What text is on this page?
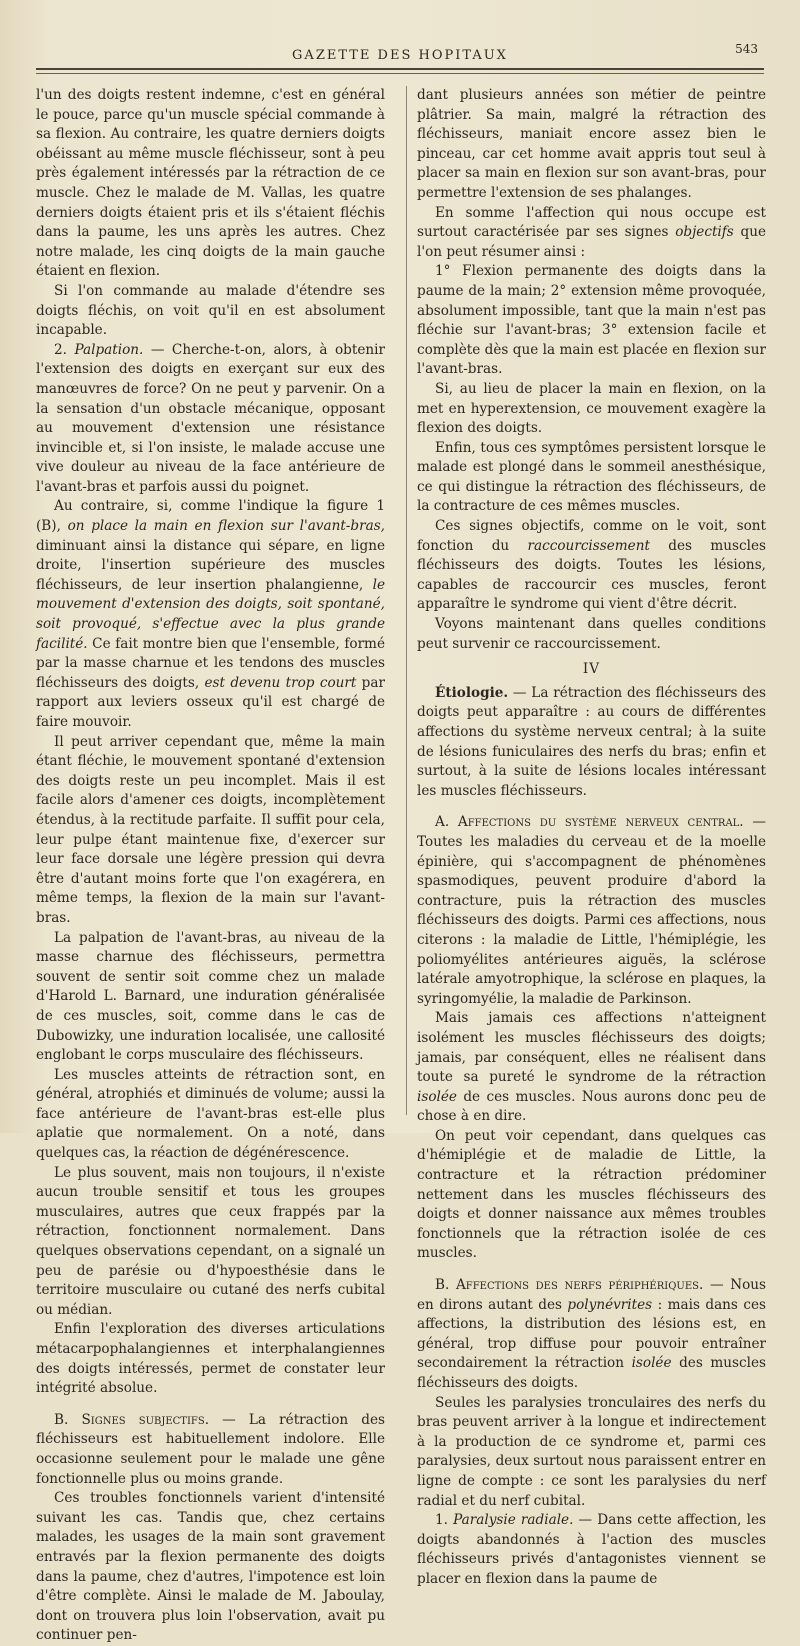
GAZETTE DES HOPITAUX	543

l'un des doigts restent indemne, c'est en général le pouce, parce qu'un muscle spécial commande à sa flexion. Au contraire, les quatre derniers doigts obéissant au même muscle fléchisseur, sont à peu près également intéressés par la rétraction de ce muscle. Chez le malade de M. Vallas, les quatre derniers doigts étaient pris et ils s'étaient fléchis dans la paume, les uns après les autres. Chez notre malade, les cinq doigts de la main gauche étaient en flexion.

Si l'on commande au malade d'étendre ses doigts fléchis, on voit qu'il en est absolument incapable.

2. Palpation. — Cherche-t-on, alors, à obtenir l'extension des doigts en exerçant sur eux des manœuvres de force? On ne peut y parvenir. On a la sensation d'un obstacle mécanique, opposant au mouvement d'extension une résistance invincible et, si l'on insiste, le malade accuse une vive douleur au niveau de la face antérieure de l'avant-bras et parfois aussi du poignet.

Au contraire, si, comme l'indique la figure 1 (B), on place la main en flexion sur l'avant-bras, diminuant ainsi la distance qui sépare, en ligne droite, l'insertion supérieure des muscles fléchisseurs, de leur insertion phalangienne, le mouvement d'extension des doigts, soit spontané, soit provoqué, s'effectue avec la plus grande facilité. Ce fait montre bien que l'ensemble, formé par la masse charnue et les tendons des muscles fléchisseurs des doigts, est devenu trop court par rapport aux leviers osseux qu'il est chargé de faire mouvoir.

Il peut arriver cependant que, même la main étant fléchie, le mouvement spontané d'extension des doigts reste un peu incomplet. Mais il est facile alors d'amener ces doigts, incomplètement étendus, à la rectitude parfaite. Il suffit pour cela, leur pulpe étant maintenue fixe, d'exercer sur leur face dorsale une légère pression qui devra être d'autant moins forte que l'on exagérera, en même temps, la flexion de la main sur l'avant-bras.

La palpation de l'avant-bras, au niveau de la masse charnue des fléchisseurs, permettra souvent de sentir soit comme chez un malade d'Harold L. Barnard, une induration généralisée de ces muscles, soit, comme dans le cas de Dubowizky, une induration localisée, une callosité englobant le corps musculaire des fléchisseurs.

Les muscles atteints de rétraction sont, en général, atrophiés et diminués de volume; aussi la face antérieure de l'avant-bras est-elle plus aplatie que normalement. On a noté, dans quelques cas, la réaction de dégénérescence.

Le plus souvent, mais non toujours, il n'existe aucun trouble sensitif et tous les groupes musculaires, autres que ceux frappés par la rétraction, fonctionnent normalement. Dans quelques observations cependant, on a signalé un peu de parésie ou d'hypoesthésie dans le territoire musculaire ou cutané des nerfs cubital ou médian.

Enfin l'exploration des diverses articulations métacarpophalangiennes et interphalangiennes des doigts intéressés, permet de constater leur intégrité absolue.

B. Signes subjectifs. — La rétraction des fléchisseurs est habituellement indolore. Elle occasionne seulement pour le malade une gêne fonctionnelle plus ou moins grande.

Ces troubles fonctionnels varient d'intensité suivant les cas. Tandis que, chez certains malades, les usages de la main sont gravement entravés par la flexion permanente des doigts dans la paume, chez d'autres, l'impotence est loin d'être complète. Ainsi le malade de M. Jaboulay, dont on trouvera plus loin l'observation, avait pu continuer pen-

dant plusieurs années son métier de peintre plâtrier. Sa main, malgré la rétraction des fléchisseurs, maniait encore assez bien le pinceau, car cet homme avait appris tout seul à placer sa main en flexion sur son avant-bras, pour permettre l'extension de ses phalanges.

En somme l'affection qui nous occupe est surtout caractérisée par ses signes objectifs que l'on peut résumer ainsi :

1° Flexion permanente des doigts dans la paume de la main; 2° extension même provoquée, absolument impossible, tant que la main n'est pas fléchie sur l'avant-bras; 3° extension facile et complète dès que la main est placée en flexion sur l'avant-bras.

Si, au lieu de placer la main en flexion, on la met en hyperextension, ce mouvement exagère la flexion des doigts.

Enfin, tous ces symptômes persistent lorsque le malade est plongé dans le sommeil anesthésique, ce qui distingue la rétraction des fléchisseurs, de la contracture de ces mêmes muscles.

Ces signes objectifs, comme on le voit, sont fonction du raccourcissement des muscles fléchisseurs des doigts. Toutes les lésions, capables de raccourcir ces muscles, feront apparaître le syndrome qui vient d'être décrit.

Voyons maintenant dans quelles conditions peut survenir ce raccourcissement.

IV

Étiologie. — La rétraction des fléchisseurs des doigts peut apparaître : au cours de différentes affections du système nerveux central; à la suite de lésions funiculaires des nerfs du bras; enfin et surtout, à la suite de lésions locales intéressant les muscles fléchisseurs.

A. Affections du système nerveux central. — Toutes les maladies du cerveau et de la moelle épinière, qui s'accompagnent de phénomènes spasmodiques, peuvent produire d'abord la contracture, puis la rétraction des muscles fléchisseurs des doigts. Parmi ces affections, nous citerons : la maladie de Little, l'hémiplégie, les poliomyélites antérieures aiguës, la sclérose latérale amyotrophique, la sclérose en plaques, la syringomyélie, la maladie de Parkinson.

Mais jamais ces affections n'atteignent isolément les muscles fléchisseurs des doigts; jamais, par conséquent, elles ne réalisent dans toute sa pureté le syndrome de la rétraction isolée de ces muscles. Nous aurons donc peu de chose à en dire.

On peut voir cependant, dans quelques cas d'hémiplégie et de maladie de Little, la contracture et la rétraction prédominer nettement dans les muscles fléchisseurs des doigts et donner naissance aux mêmes troubles fonctionnels que la rétraction isolée de ces muscles.

B. Affections des nerfs périphériques. — Nous en dirons autant des polynévrites : mais dans ces affections, la distribution des lésions est, en général, trop diffuse pour pouvoir entraîner secondairement la rétraction isolée des muscles fléchisseurs des doigts.

Seules les paralysies tronculaires des nerfs du bras peuvent arriver à la longue et indirectement à la production de ce syndrome et, parmi ces paralysies, deux surtout nous paraissent entrer en ligne de compte : ce sont les paralysies du nerf radial et du nerf cubital.

1. Paralysie radiale. — Dans cette affection, les doigts abandonnés à l'action des muscles fléchisseurs privés d'antagonistes viennent se placer en flexion dans la paume de
